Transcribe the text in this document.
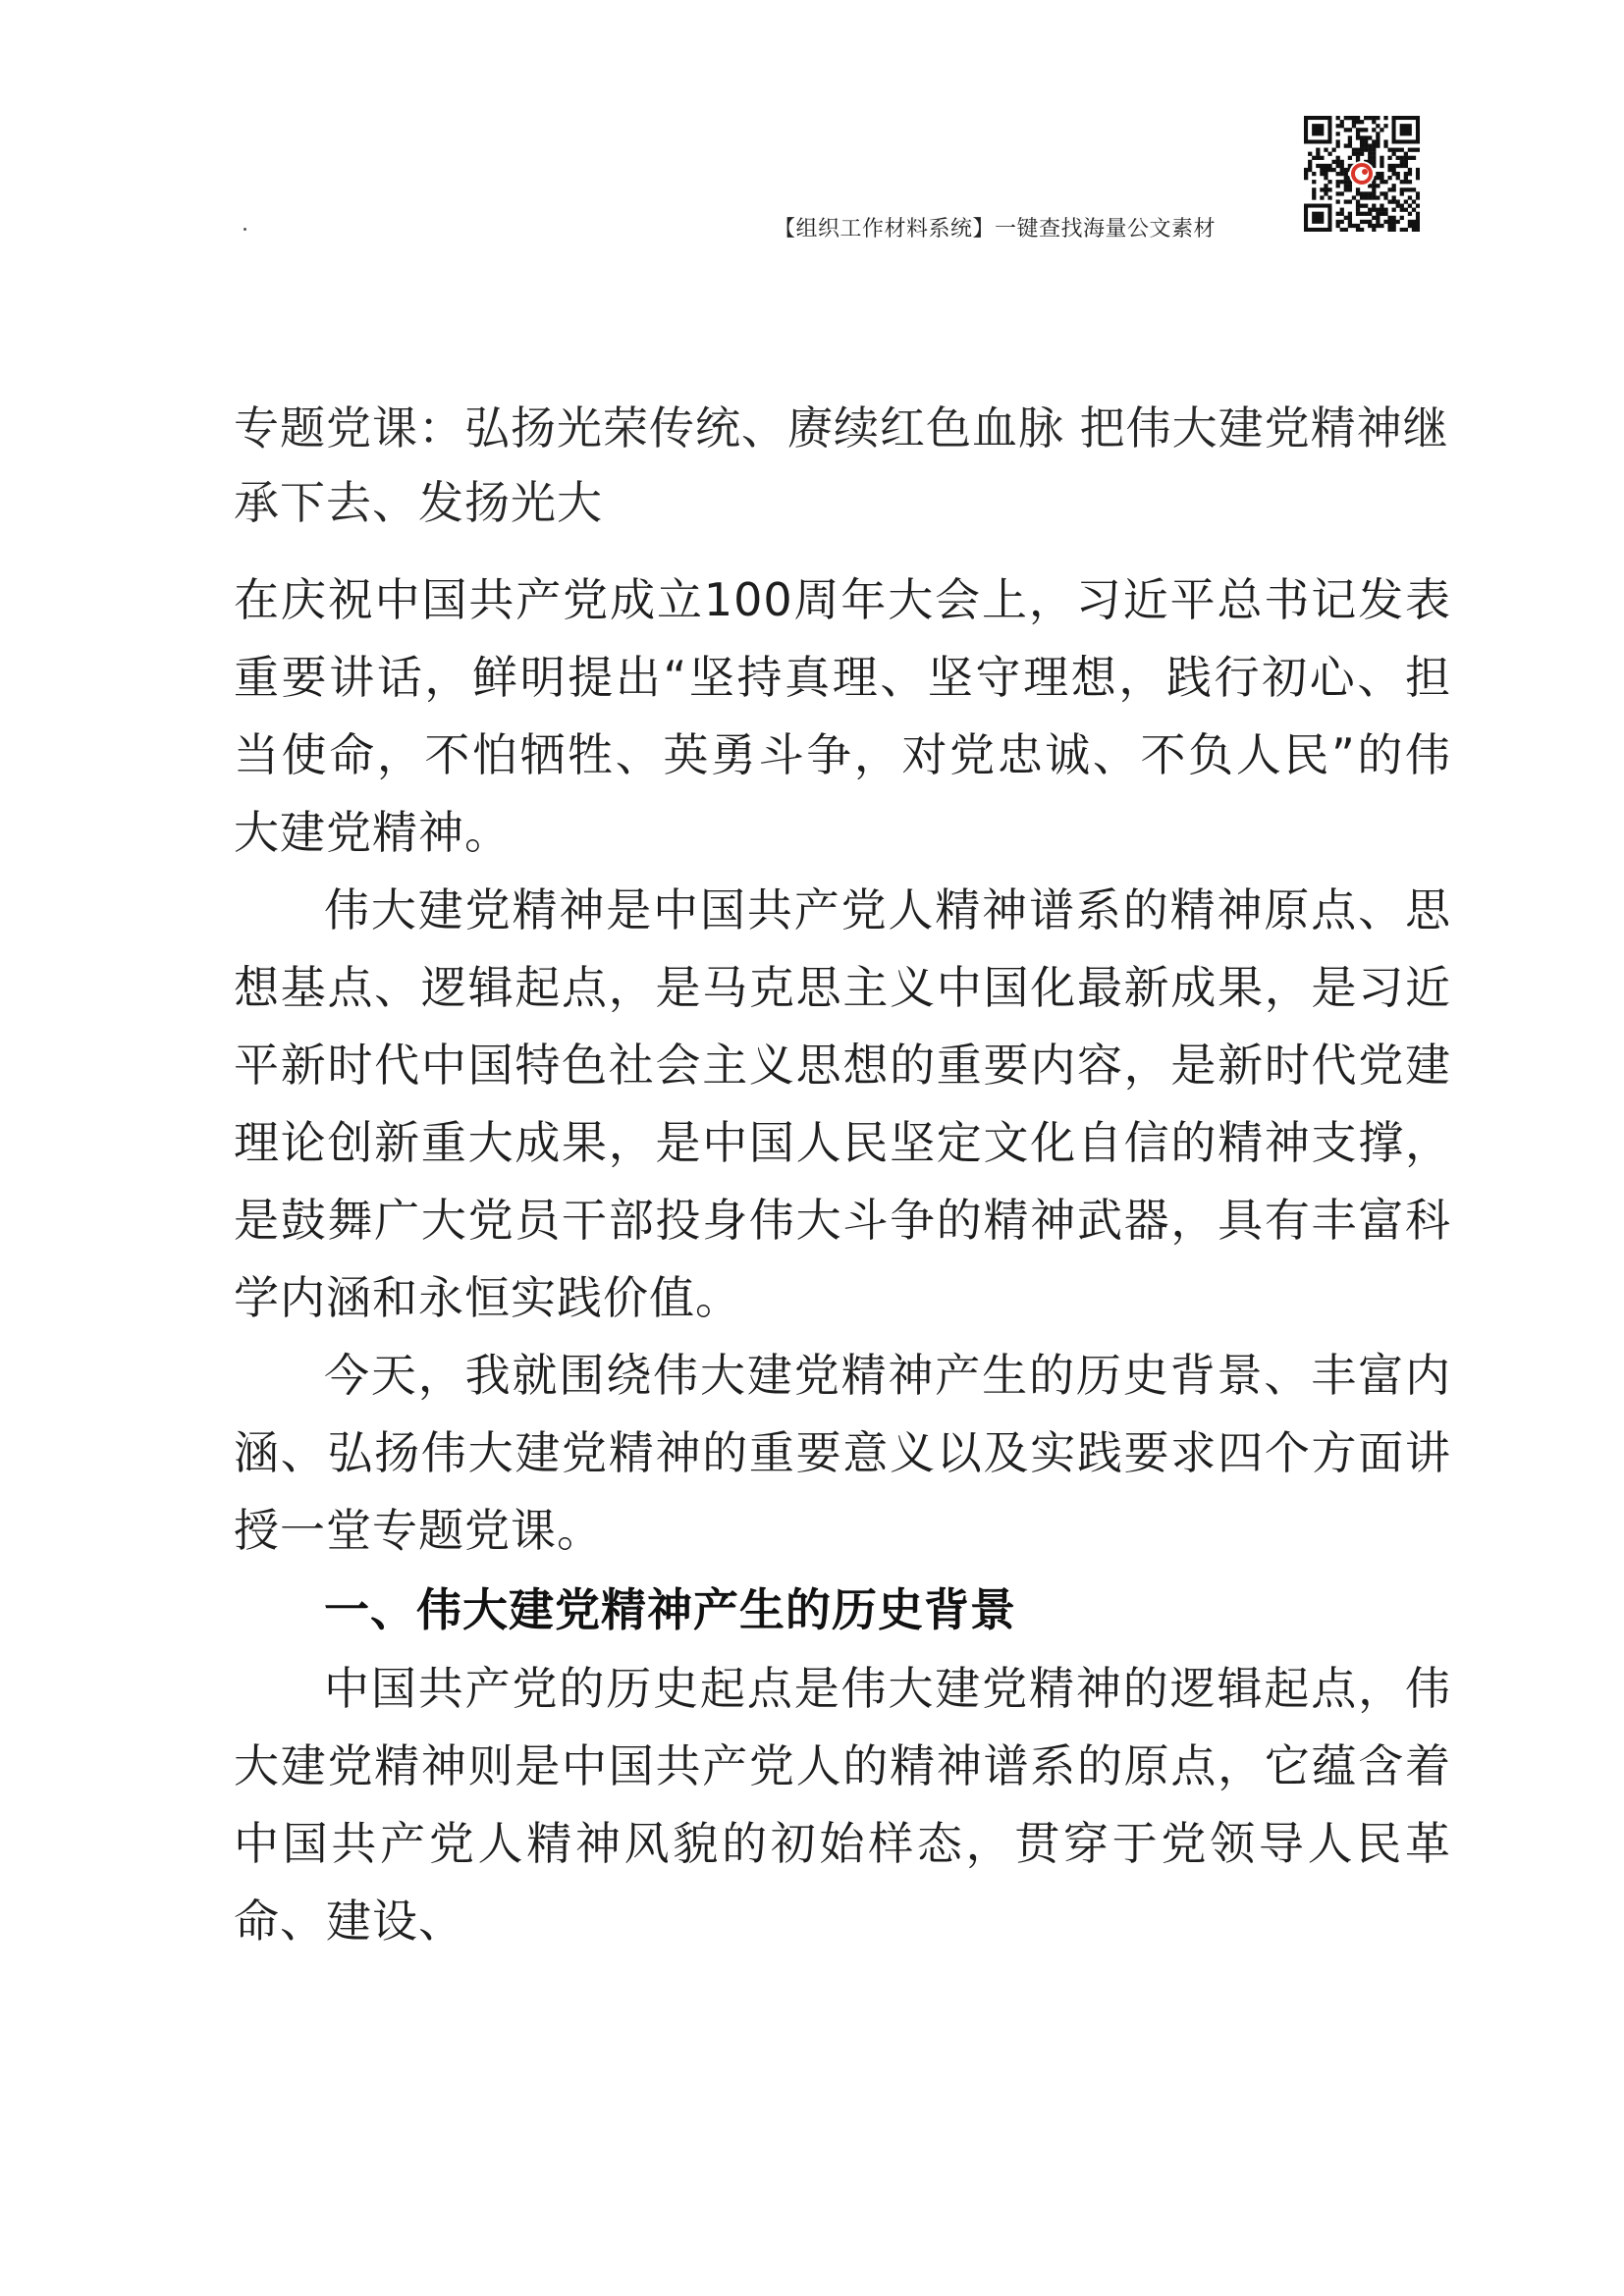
【组织工作材料系统】一键查找海量公文素材
专题党课：弘扬光荣传统、赓续红色血脉 把伟大建党精神继承下去、发扬光大

在庆祝中国共产党成立100周年大会上，习近平总书记发表重要讲话，鲜明提出“坚持真理、坚守理想，践行初心、担当使命，不怕牺牲、英勇斗争，对党忠诚、不负人民”的伟大建党精神。

伟大建党精神是中国共产党人精神谱系的精神原点、思想基点、逻辑起点，是马克思主义中国化最新成果，是习近平新时代中国特色社会主义思想的重要内容，是新时代党建理论创新重大成果，是中国人民坚定文化自信的精神支撑，是鼓舞广大党员干部投身伟大斗争的精神武器，具有丰富科学内涵和永恒实践价值。

今天，我就围绕伟大建党精神产生的历史背景、丰富内涵、弘扬伟大建党精神的重要意义以及实践要求四个方面讲授一堂专题党课。

一、伟大建党精神产生的历史背景

中国共产党的历史起点是伟大建党精神的逻辑起点，伟大建党精神则是中国共产党人的精神谱系的原点，它蕴含着中国共产党人精神风貌的初始样态，贯穿于党领导人民革命、建设、
